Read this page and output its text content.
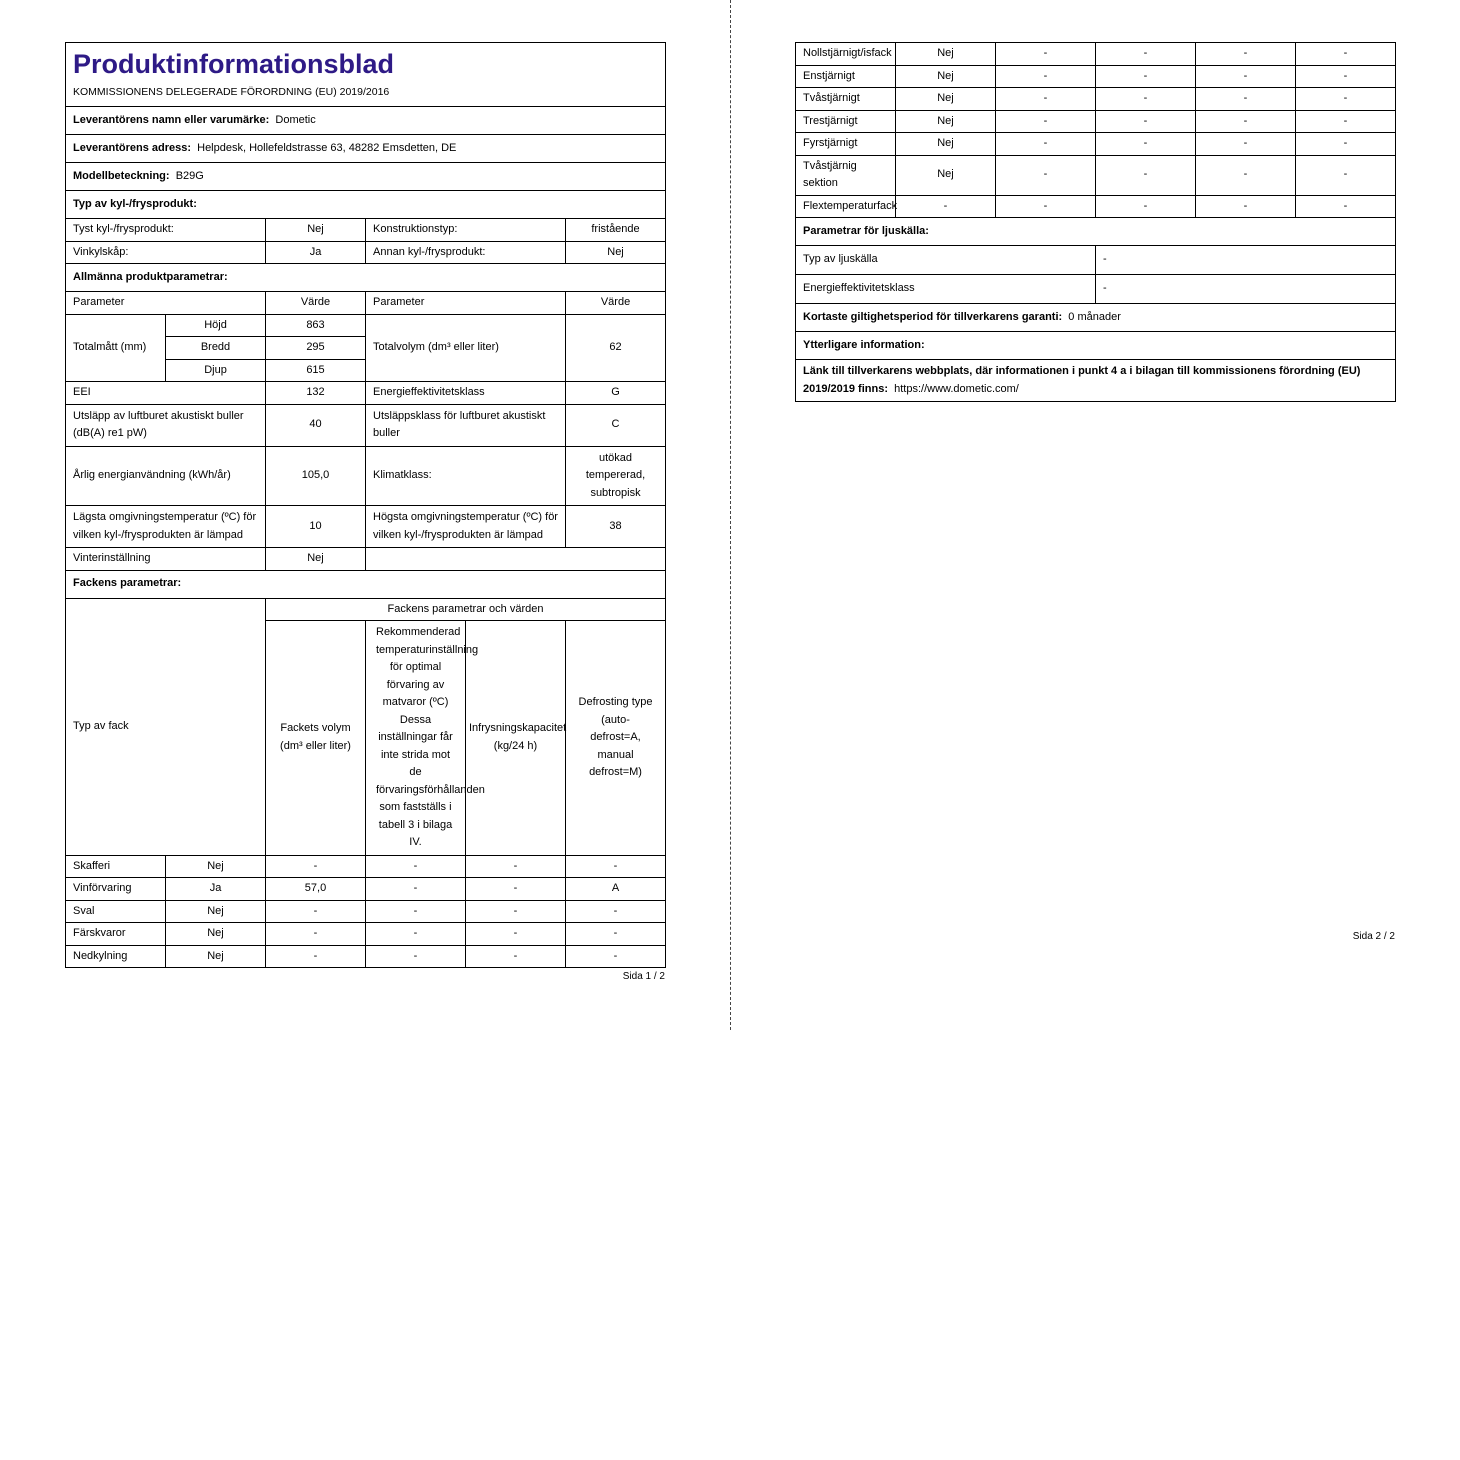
Produktinformationsblad
KOMMISSIONENS DELEGERADE FÖRORDNING (EU) 2019/2016					

Leverantörens namn eller varumärke: Dometic					
Leverantörens adress: Helpdesk, Hollefeldstrasse 63, 48282 Emsdetten, DE					
Modellbeteckning: B29G					
Typ av kyl-/frysprodukt:					
Tyst kyl-/frysprodukt:		Nej	Konstruktionstyp:		fristående
Vinkylskåp:		Ja	Annan kyl-/frysprodukt:		Nej
Allmänna produktparametrar:					
Parameter		Värde	Parameter		Värde
Totalmått (mm)	Höjd	863	Totalvolym (dm³ eller liter)		62
	Bredd	295			
	Djup	615			
EEI		132	Energieffektivitetsklass		G
Utsläpp av luftburet akustiskt buller (dB(A) re1 pW)		40	Utsläppsklass för luftburet akustiskt buller		C
Årlig energianvändning (kWh/år)		105,0	Klimatklass:		utökad tempererad, subtropisk
Lägsta omgivningstemperatur (ºC) för vilken kyl-/frysprodukten är lämpad		10	Högsta omgivningstemperatur (ºC) för vilken kyl-/frysprodukten är lämpad		38
Vinterinställning		Nej			
Fackens parametrar:					
Typ av fack		Fackens parametrar och värden			
		Fackets volym (dm³ eller liter)	Rekommenderad temperaturinställning för optimal förvaring av matvaror (ºC) Dessa inställningar får inte strida mot de förvaringsförhållanden som fastställs i tabell 3 i bilaga IV.	Infrysningskapacitet (kg/24 h)	Defrosting type (auto-defrost=A, manual defrost=M)
Skafferi	Nej	-	-	-	-
Vinförvaring	Ja	57,0	-	-	A
Sval	Nej	-	-	-	-
Färskvaror	Nej	-	-	-	-
Nedkylning	Nej	-	-	-	-
Sida 1 / 2
Nollstjärnigt/isfack	Nej	-	-	-	-
Enstjärnigt	Nej	-	-	-	-
Tvåstjärnigt	Nej	-	-	-	-
Trestjärnigt	Nej	-	-	-	-
Fyrstjärnigt	Nej	-	-	-	-
Tvåstjärnig sektion	Nej	-	-	-	-
Flextemperaturfack	-	-	-	-	-
Parametrar för ljuskälla:					
Typ av ljuskälla			-		
Energieffektivitetsklass			-		
Kortaste giltighetsperiod för tillverkarens garanti: 0 månader					
Ytterligare information:					
Länk till tillverkarens webbplats, där informationen i punkt 4 a i bilagan till kommissionens förordning (EU) 2019/2019 finns: https://www.dometic.com/					
Sida 2 / 2
